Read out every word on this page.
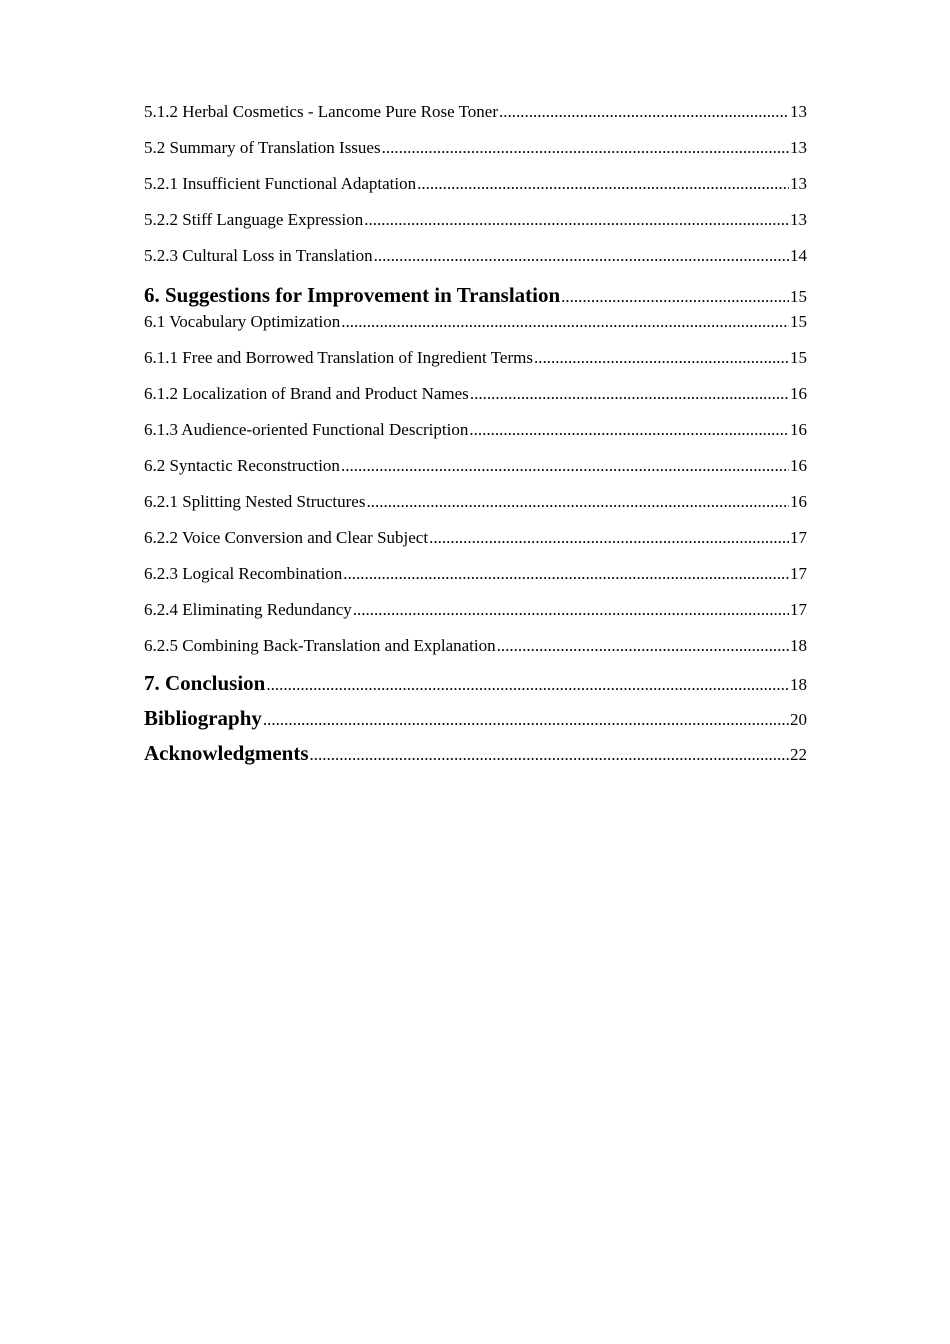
5.1.2 Herbal Cosmetics - Lancome Pure Rose Toner .....	13
5.2 Summary of Translation Issues .....	13
5.2.1 Insufficient Functional Adaptation .....	13
5.2.2 Stiff Language Expression .....	13
5.2.3 Cultural Loss in Translation .....	14
6. Suggestions for Improvement in Translation .....	15
6.1 Vocabulary Optimization .....	15
6.1.1 Free and Borrowed Translation of Ingredient Terms .....	15
6.1.2 Localization of Brand and Product Names .....	16
6.1.3 Audience-oriented Functional Description .....	16
6.2 Syntactic Reconstruction .....	16
6.2.1 Splitting Nested Structures .....	16
6.2.2 Voice Conversion and Clear Subject .....	17
6.2.3 Logical Recombination .....	17
6.2.4 Eliminating Redundancy .....	17
6.2.5 Combining Back-Translation and Explanation .....	18
7. Conclusion .....	18
Bibliography .....	20
Acknowledgments .....	22
